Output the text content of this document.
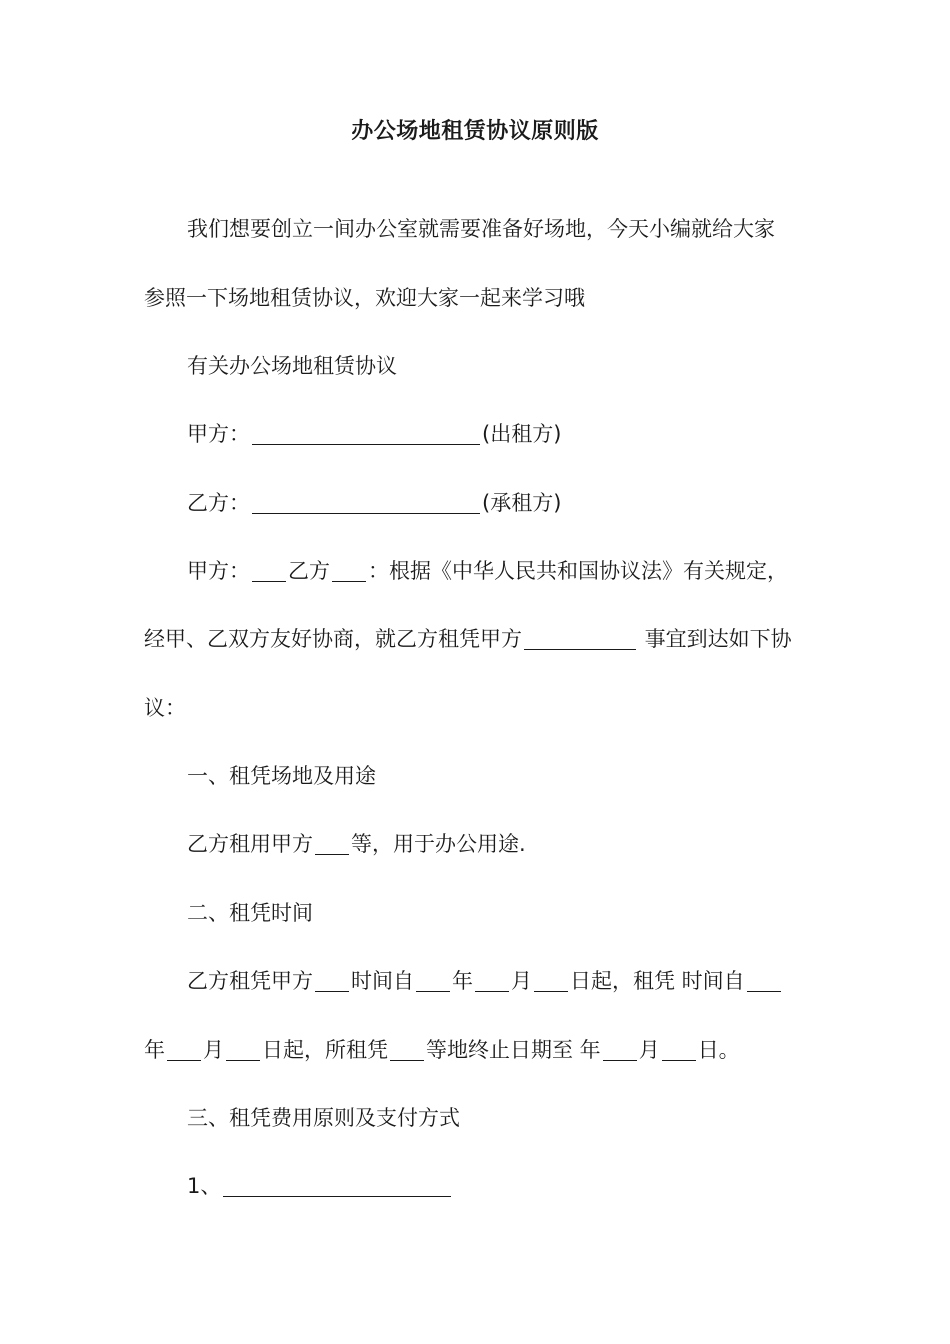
办公场地租赁协议原则版
我们想要创立一间办公室就需要准备好场地，今天小编就给大家
参照一下场地租赁协议，欢迎大家一起来学习哦
有关办公场地租赁协议
甲方：	(出租方)
乙方：	(承租方)
甲方： 乙方 ：根据《中华人民共和国协议法》有关规定，
经甲、乙双方友好协商，就乙方租凭甲方	事宜到达如下协
议：
一、租凭场地及用途
乙方租用甲方 等，用于办公用途.
二、租凭时间
乙方租凭甲方 时间自 年 月 日起，租凭 时间自
年 月 日起，所租凭 等地终止日期至 年 月 日。
三、租凭费用原则及支付方式
1、
